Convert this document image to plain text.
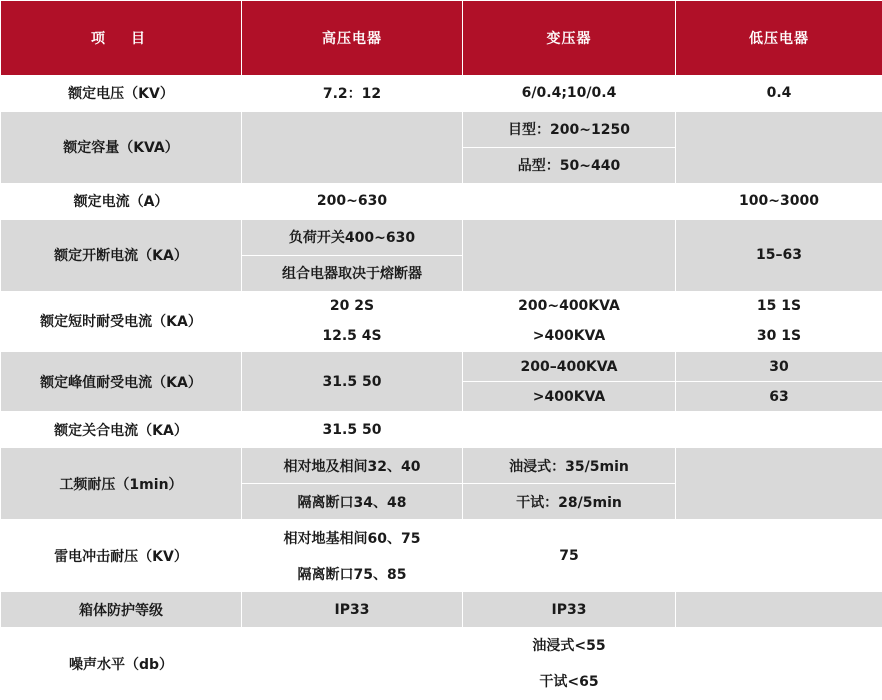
项　目	高压电器	变压器	低压电器
额定电压（KV）	7.2：12	6/0.4;10/0.4	0.4
额定容量（KVA）		目型：200~1250	
		品型：50~440	
额定电流（A）	200~630		100~3000
额定开断电流（KA）	负荷开关400~630		15–63
	组合电器取决于熔断器		
额定短时耐受电流（KA）	20 2S	200~400KVA	15 1S
	12.5 4S	>400KVA	30 1S
额定峰值耐受电流（KA）	31.5 50	200–400KVA	30
		>400KVA	63
额定关合电流（KA）	31.5 50		
工频耐压（1min）	相对地及相间32、40	油浸式：35/5min	
	隔离断口34、48	干试：28/5min	
雷电冲击耐压（KV）	相对地基相间60、75	75	
	隔离断口75、85		
箱体防护等级	IP33	IP33	
噪声水平（db）		油浸式<55	
		干试<65	
